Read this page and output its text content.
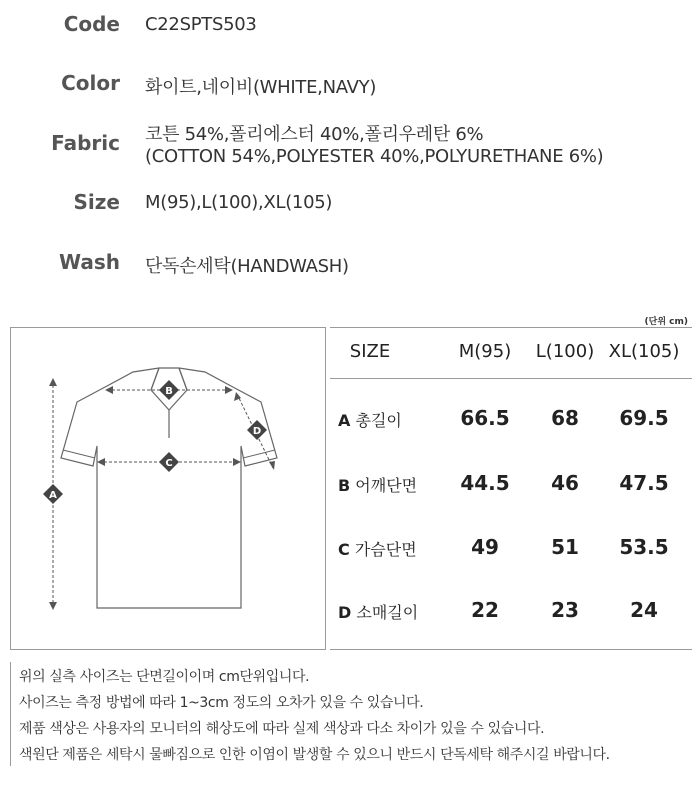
Code C22SPTS503
Color 화이트,네이비(WHITE,NAVY)
Fabric 코튼 54%,폴리에스터 40%,폴리우레탄 6%
(COTTON 54%,POLYESTER 40%,POLYURETHANE 6%)
Size M(95),L(100),XL(105)
Wash 단독손세탁(HANDWASH)
(단위 cm)
A
B
C
D
SIZE	M(95)	L(100) XL(105)
A 총길이	66.5	68	69.5
B 어깨단면	44.5	46	47.5
C 가슴단면	49	51	53.5
D 소매길이	22	23	24
위의 실측 사이즈는 단면길이이며 cm단위입니다.
사이즈는 측정 방법에 따라 1~3cm 정도의 오차가 있을 수 있습니다.
제품 색상은 사용자의 모니터의 해상도에 따라 실제 색상과 다소 차이가 있을 수 있습니다.
색원단 제품은 세탁시 물빠짐으로 인한 이염이 발생할 수 있으니 반드시 단독세탁 해주시길 바랍니다.
